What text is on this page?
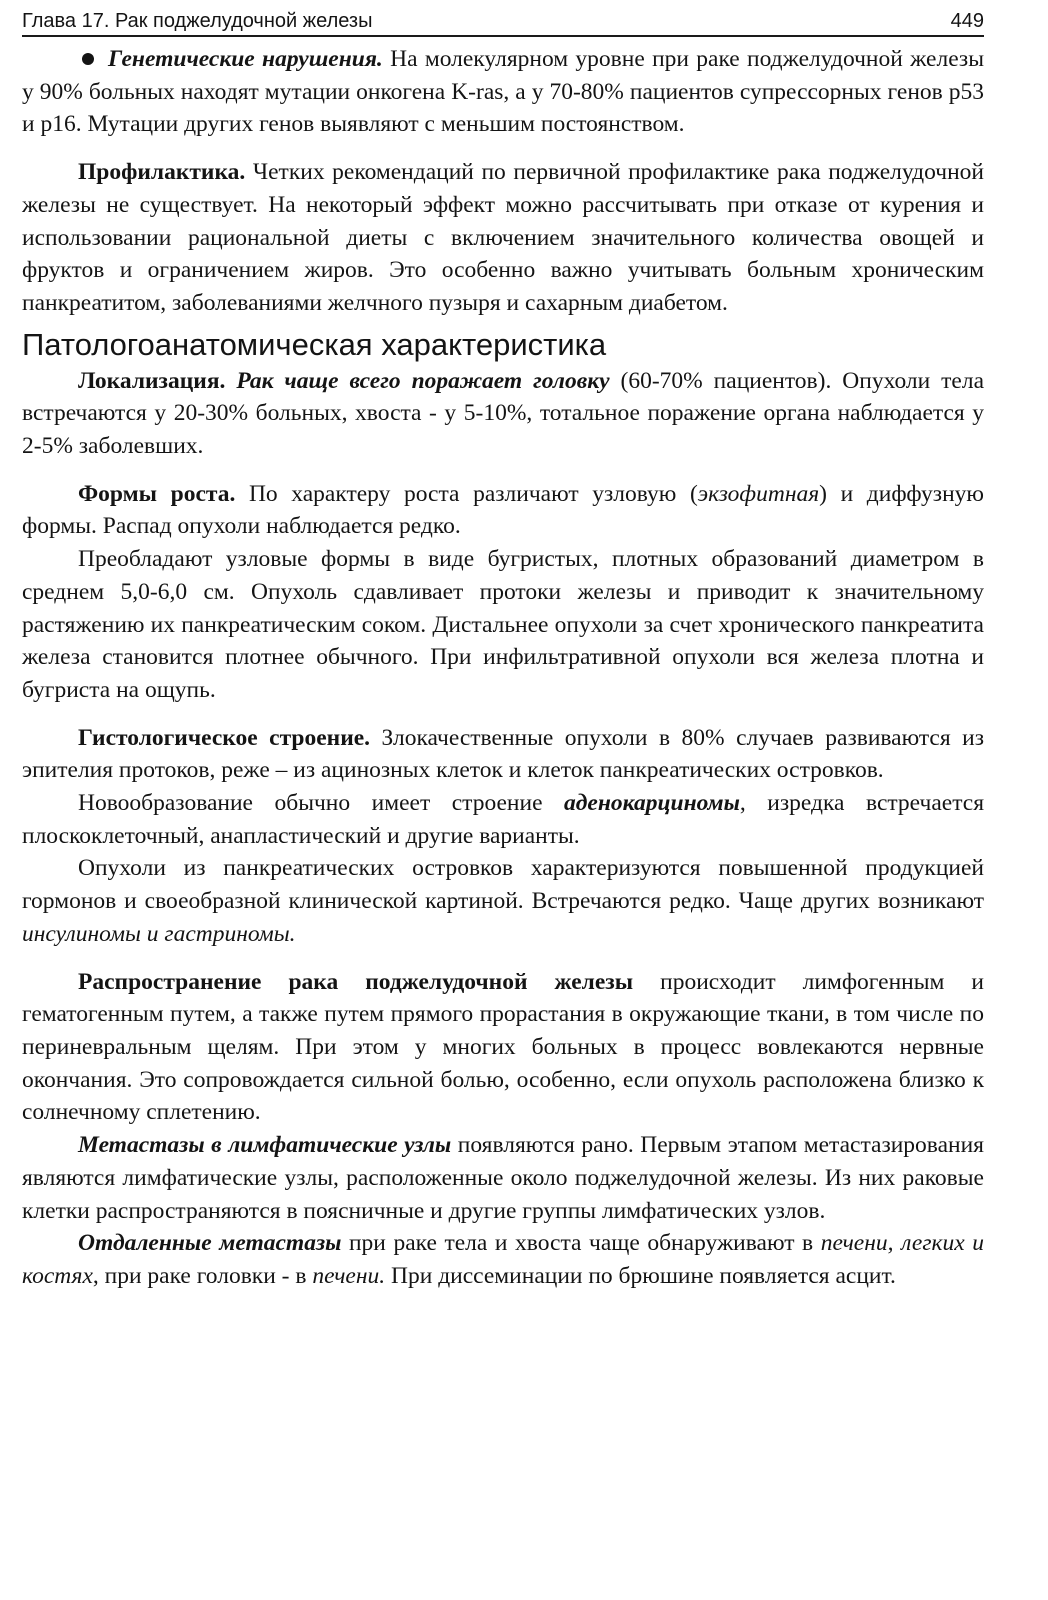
Глава 17. Рак поджелудочной железы	449

Генетические нарушения. На молекулярном уровне при раке поджелудочной железы у 90% больных находят мутации онкогена K-ras, а у 70-80% пациентов супрессорных генов p53 и p16. Мутации других генов выявляют с меньшим постоянством.

Профилактика. Четких рекомендаций по первичной профилактике рака поджелудочной железы не существует. На некоторый эффект можно рассчитывать при отказе от курения и использовании рациональной диеты с включением значительного количества овощей и фруктов и ограничением жиров. Это особенно важно учитывать больным хроническим панкреатитом, заболеваниями желчного пузыря и сахарным диабетом.

Патологоанатомическая характеристика

Локализация. Рак чаще всего поражает головку (60-70% пациентов). Опухоли тела встречаются у 20-30% больных, хвоста - у 5-10%, тотальное поражение органа наблюдается у 2-5% заболевших.

Формы роста. По характеру роста различают узловую (экзофитная) и диффузную формы. Распад опухоли наблюдается редко.

Преобладают узловые формы в виде бугристых, плотных образований диаметром в среднем 5,0-6,0 см. Опухоль сдавливает протоки железы и приводит к значительному растяжению их панкреатическим соком. Дистальнее опухоли за счет хронического панкреатита железа становится плотнее обычного. При инфильтративной опухоли вся железа плотна и бугриста на ощупь.

Гистологическое строение. Злокачественные опухоли в 80% случаев развиваются из эпителия протоков, реже – из ацинозных клеток и клеток панкреатических островков.

Новообразование обычно имеет строение аденокарциномы, изредка встречается плоскоклеточный, анапластический и другие варианты.

Опухоли из панкреатических островков характеризуются повышенной продукцией гормонов и своеобразной клинической картиной. Встречаются редко. Чаще других возникают инсулиномы и гастриномы.

Распространение рака поджелудочной железы происходит лимфогенным и гематогенным путем, а также путем прямого прорастания в окружающие ткани, в том числе по периневральным щелям. При этом у многих больных в процесс вовлекаются нервные окончания. Это сопровождается сильной болью, особенно, если опухоль расположена близко к солнечному сплетению.

Метастазы в лимфатические узлы появляются рано. Первым этапом метастазирования являются лимфатические узлы, расположенные около поджелудочной железы. Из них раковые клетки распространяются в поясничные и другие группы лимфатических узлов.

Отдаленные метастазы при раке тела и хвоста чаще обнаруживают в печени, легких и костях, при раке головки - в печени. При диссеминации по брюшине появляется асцит.
